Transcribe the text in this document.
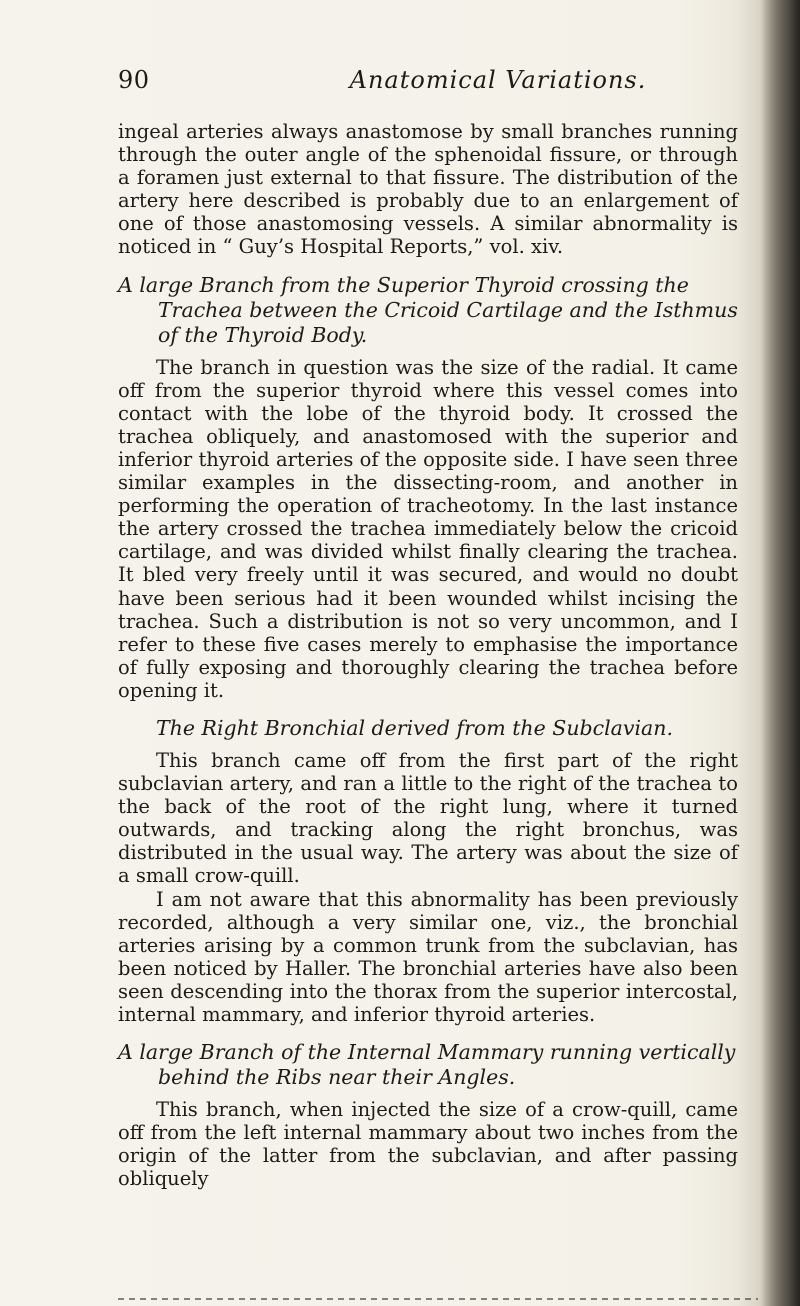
90	Anatomical Variations.

ingeal arteries always anastomose by small branches running through the outer angle of the sphenoidal fissure, or through a foramen just external to that fissure. The distribution of the artery here described is probably due to an enlargement of one of those anastomosing vessels. A similar abnormality is noticed in “ Guy’s Hospital Reports,” vol. xiv.

A large Branch from the Superior Thyroid crossing the Trachea between the Cricoid Cartilage and the Isthmus of the Thyroid Body.

The branch in question was the size of the radial. It came off from the superior thyroid where this vessel comes into contact with the lobe of the thyroid body. It crossed the trachea obliquely, and anastomosed with the superior and inferior thyroid arteries of the opposite side. I have seen three similar examples in the dissecting-room, and another in performing the operation of tracheotomy. In the last instance the artery crossed the trachea immediately below the cricoid cartilage, and was divided whilst finally clearing the trachea. It bled very freely until it was secured, and would no doubt have been serious had it been wounded whilst incising the trachea. Such a distribution is not so very uncommon, and I refer to these five cases merely to emphasise the importance of fully exposing and thoroughly clearing the trachea before opening it.

The Right Bronchial derived from the Subclavian.

This branch came off from the first part of the right subclavian artery, and ran a little to the right of the trachea to the back of the root of the right lung, where it turned outwards, and tracking along the right bronchus, was distributed in the usual way. The artery was about the size of a small crow-quill.

I am not aware that this abnormality has been previously recorded, although a very similar one, viz., the bronchial arteries arising by a common trunk from the subclavian, has been noticed by Haller. The bronchial arteries have also been seen descending into the thorax from the superior intercostal, internal mammary, and inferior thyroid arteries.

A large Branch of the Internal Mammary running vertically behind the Ribs near their Angles.

This branch, when injected the size of a crow-quill, came off from the left internal mammary about two inches from the origin of the latter from the subclavian, and after passing obliquely
